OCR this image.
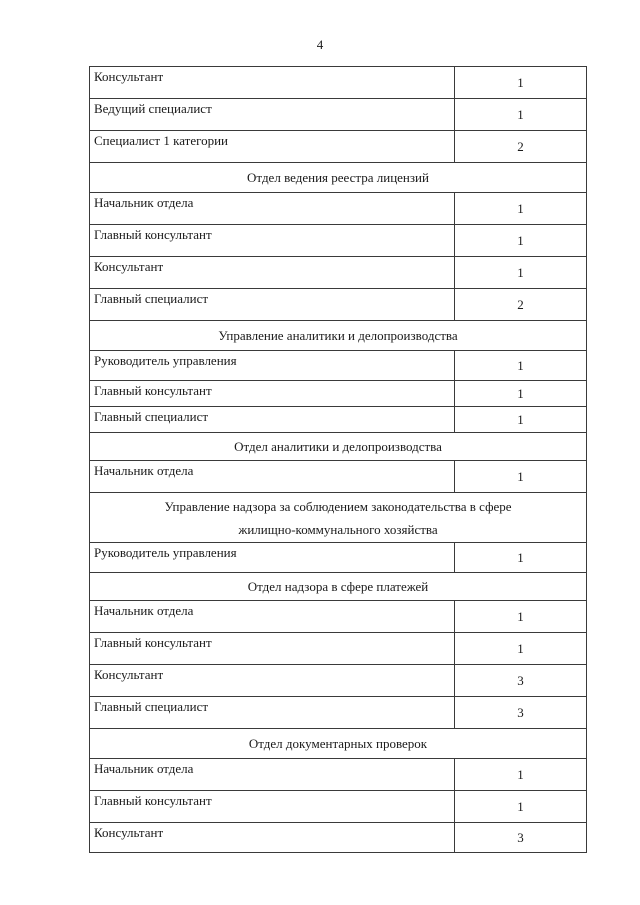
4
Консультант	1
Ведущий специалист	1
Специалист 1 категории	2
Отдел ведения реестра лицензий	
Начальник отдела	1
Главный консультант	1
Консультант	1
Главный специалист	2
Управление аналитики и делопроизводства	
Руководитель управления	1
Главный консультант	1
Главный специалист	1
Отдел аналитики и делопроизводства	
Начальник отдела	1
Управление надзора за соблюдением законодательства в сфере жилищно-коммунального хозяйства	
Руководитель управления	1
Отдел надзора в сфере платежей	
Начальник отдела	1
Главный консультант	1
Консультант	3
Главный специалист	3
Отдел документарных проверок	
Начальник отдела	1
Главный консультант	1
Консультант	3
